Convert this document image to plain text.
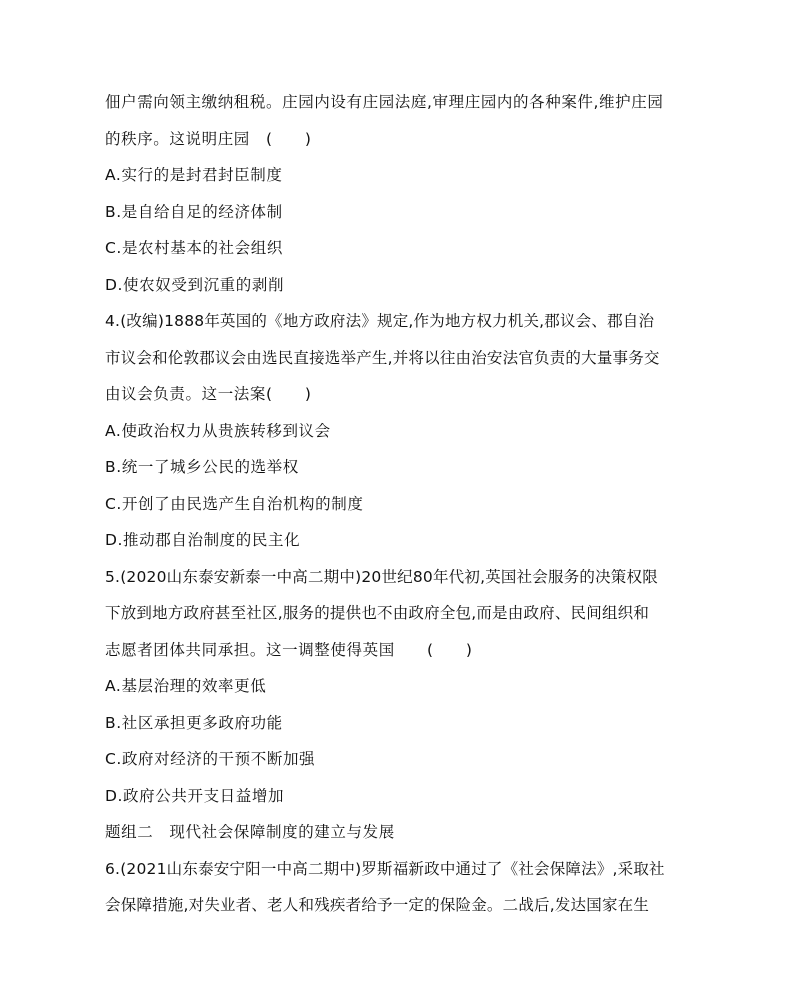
佃户需向领主缴纳租税。庄园内设有庄园法庭,审理庄园内的各种案件,维护庄园
的秩序。这说明庄园　(　　)
A.实行的是封君封臣制度
B.是自给自足的经济体制
C.是农村基本的社会组织
D.使农奴受到沉重的剥削
4.(改编)1888年英国的《地方政府法》规定,作为地方权力机关,郡议会、郡自治
市议会和伦敦郡议会由选民直接选举产生,并将以往由治安法官负责的大量事务交
由议会负责。这一法案(　　)
A.使政治权力从贵族转移到议会
B.统一了城乡公民的选举权
C.开创了由民选产生自治机构的制度
D.推动郡自治制度的民主化
5.(2020山东泰安新泰一中高二期中)20世纪80年代初,英国社会服务的决策权限
下放到地方政府甚至社区,服务的提供也不由政府全包,而是由政府、民间组织和
志愿者团体共同承担。这一调整使得英国　　(　　)
A.基层治理的效率更低
B.社区承担更多政府功能
C.政府对经济的干预不断加强
D.政府公共开支日益增加
题组二　现代社会保障制度的建立与发展
6.(2021山东泰安宁阳一中高二期中)罗斯福新政中通过了《社会保障法》,采取社
会保障措施,对失业者、老人和残疾者给予一定的保险金。二战后,发达国家在生
